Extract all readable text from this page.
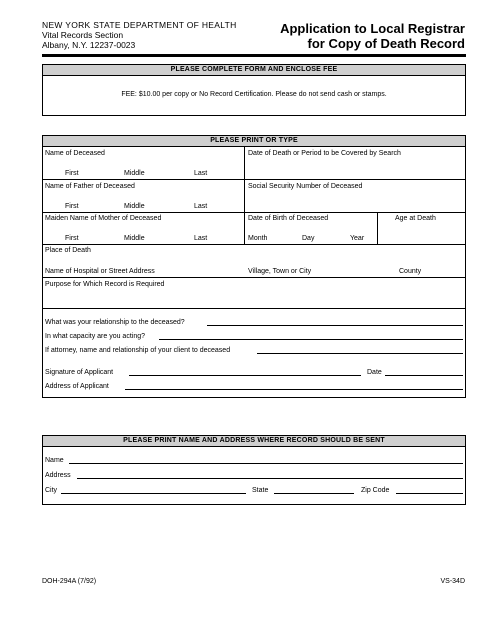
NEW YORK STATE DEPARTMENT OF HEALTH
Vital Records Section
Albany, N.Y. 12237-0023
Application to Local Registrar
for Copy of Death Record
PLEASE COMPLETE FORM AND ENCLOSE FEE
FEE: $10.00 per copy or No Record Certification. Please do not send cash or stamps.
PLEASE PRINT OR TYPE
Name of Deceased
First	Middle	Last
Date of Death or Period to be Covered by Search
Name of Father of Deceased
First	Middle	Last
Social Security Number of Deceased
Maiden Name of Mother of Deceased
First	Middle	Last
Date of Birth of Deceased
Month	Day	Year
Age at Death
Place of Death
Name of Hospital or Street Address	Village, Town or City	County
Purpose for Which Record is Required
What was your relationship to the deceased?
In what capacity are you acting?
If attorney, name and relationship of your client to deceased
Signature of Applicant	Date
Address of Applicant
PLEASE PRINT NAME AND ADDRESS WHERE RECORD SHOULD BE SENT
Name
Address
City	State	Zip Code
DOH-294A (7/92)	VS-34D
